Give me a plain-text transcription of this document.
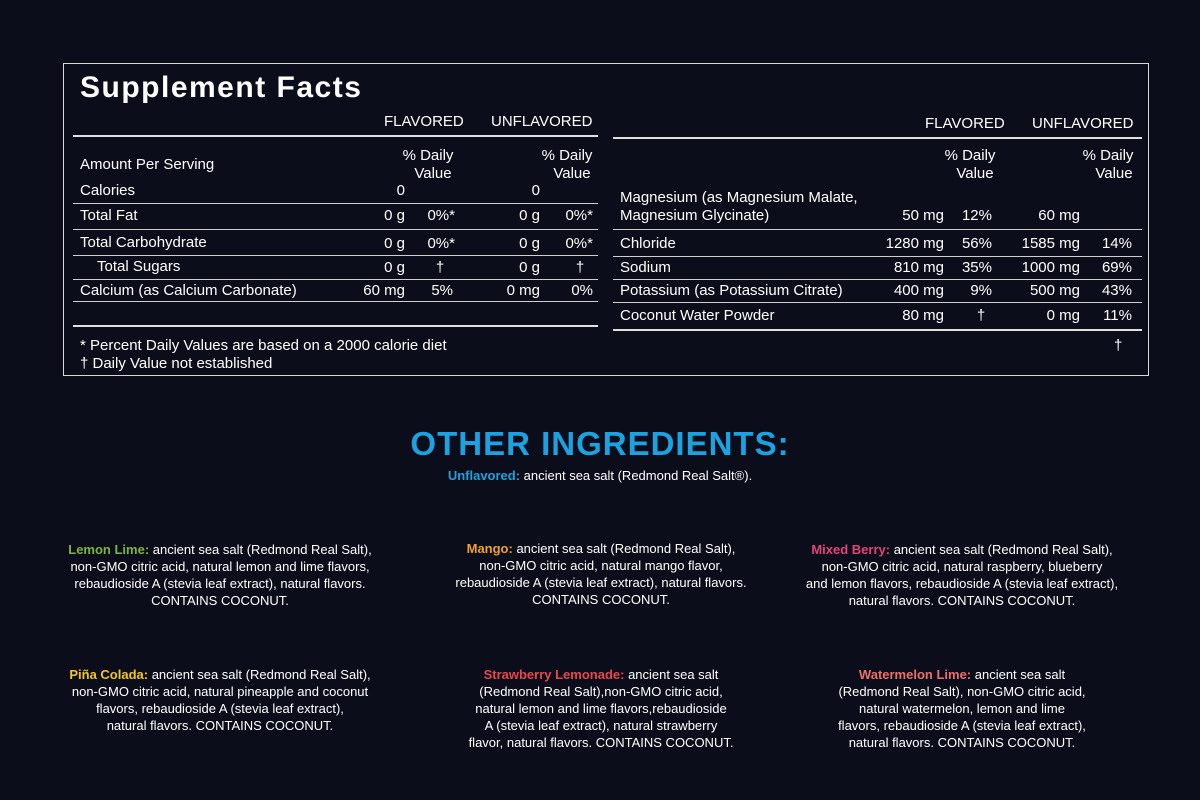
Supplement Facts
FLAVORED UNFLAVORED
Amount Per Serving
% Daily
Value
% Daily
Value
Calories	0	0
Total Fat	0 g	0%*	0 g	0%*
Total Carbohydrate	0 g	0%*	0 g	0%*
Total Sugars	0 g	†	0 g	†
Calcium (as Calcium Carbonate)	60 mg	5%	0 mg	0%
* Percent Daily Values are based on a 2000 calorie diet
† Daily Value not established
FLAVORED UNFLAVORED
% Daily
Value
% Daily
Value
Magnesium (as Magnesium Malate,
Magnesium Glycinate)	50 mg	12%	60 mg
Chloride	1280 mg	56%	1585 mg	14%
Sodium	810 mg	35%	1000 mg	69%
Potassium (as Potassium Citrate)	400 mg	9%	500 mg	43%
Coconut Water Powder	80 mg	†	0 mg	11%
†
OTHER INGREDIENTS:
Unflavored: ancient sea salt (Redmond Real Salt®).
Lemon Lime: ancient sea salt (Redmond Real Salt),
non-GMO citric acid, natural lemon and lime flavors,
rebaudioside A (stevia leaf extract), natural flavors.
CONTAINS COCONUT.
Mango: ancient sea salt (Redmond Real Salt),
non-GMO citric acid, natural mango flavor,
rebaudioside A (stevia leaf extract), natural flavors.
CONTAINS COCONUT.
Mixed Berry: ancient sea salt (Redmond Real Salt),
non-GMO citric acid, natural raspberry, blueberry
and lemon flavors, rebaudioside A (stevia leaf extract),
natural flavors. CONTAINS COCONUT.
Piña Colada: ancient sea salt (Redmond Real Salt),
non-GMO citric acid, natural pineapple and coconut
flavors, rebaudioside A (stevia leaf extract),
natural flavors. CONTAINS COCONUT.
Strawberry Lemonade: ancient sea salt
(Redmond Real Salt),non-GMO citric acid,
natural lemon and lime flavors,rebaudioside
A (stevia leaf extract), natural strawberry
flavor, natural flavors. CONTAINS COCONUT.
Watermelon Lime: ancient sea salt
(Redmond Real Salt), non-GMO citric acid,
natural watermelon, lemon and lime
flavors, rebaudioside A (stevia leaf extract),
natural flavors. CONTAINS COCONUT.
